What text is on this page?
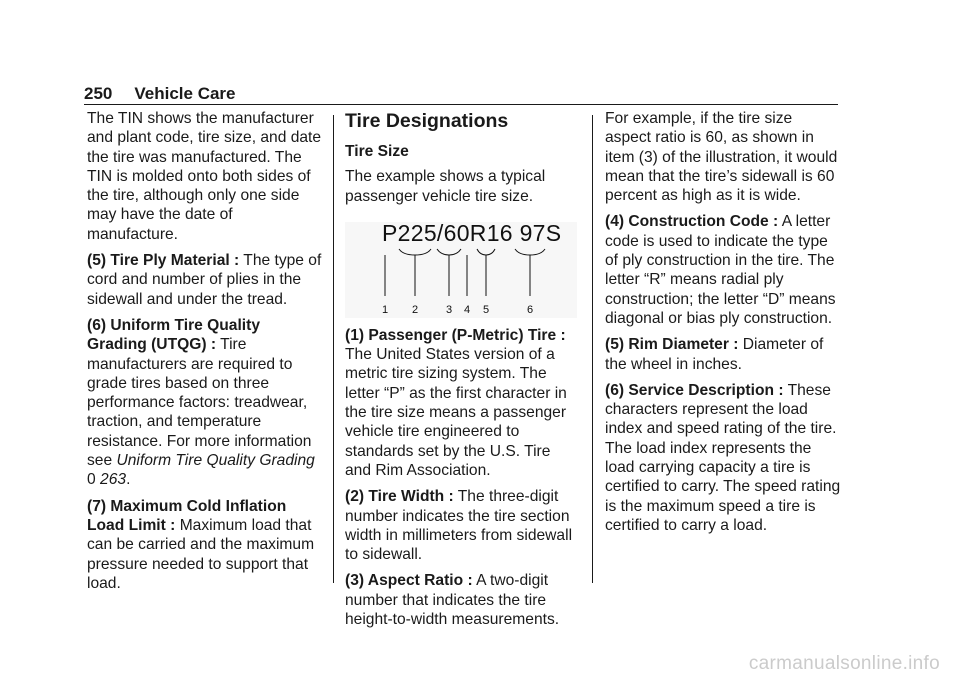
250 Vehicle Care

The TIN shows the manufacturer and plant code, tire size, and date the tire was manufactured. The TIN is molded onto both sides of the tire, although only one side may have the date of manufacture.

(5) Tire Ply Material : The type of cord and number of plies in the sidewall and under the tread.

(6) Uniform Tire Quality Grading (UTQG) : Tire manufacturers are required to grade tires based on three performance factors: treadwear, traction, and temperature resistance. For more information see Uniform Tire Quality Grading 0 263.

(7) Maximum Cold Inflation Load Limit : Maximum load that can be carried and the maximum pressure needed to support that load.

Tire Designations
Tire Size

The example shows a typical passenger vehicle tire size.

P225/60R16 97S
1 2	3 4 5	6

(1) Passenger (P-Metric) Tire : The United States version of a metric tire sizing system. The letter “P” as the first character in the tire size means a passenger vehicle tire engineered to standards set by the U.S. Tire and Rim Association.

(2) Tire Width : The three-digit number indicates the tire section width in millimeters from sidewall to sidewall.

(3) Aspect Ratio : A two-digit number that indicates the tire height-to-width measurements.

For example, if the tire size aspect ratio is 60, as shown in item (3) of the illustration, it would mean that the tire’s sidewall is 60 percent as high as it is wide.

(4) Construction Code : A letter code is used to indicate the type of ply construction in the tire. The letter “R” means radial ply construction; the letter “D” means diagonal or bias ply construction.

(5) Rim Diameter : Diameter of the wheel in inches.

(6) Service Description : These characters represent the load index and speed rating of the tire. The load index represents the load carrying capacity a tire is certified to carry. The speed rating is the maximum speed a tire is certified to carry a load.

carmanualsonline.info
